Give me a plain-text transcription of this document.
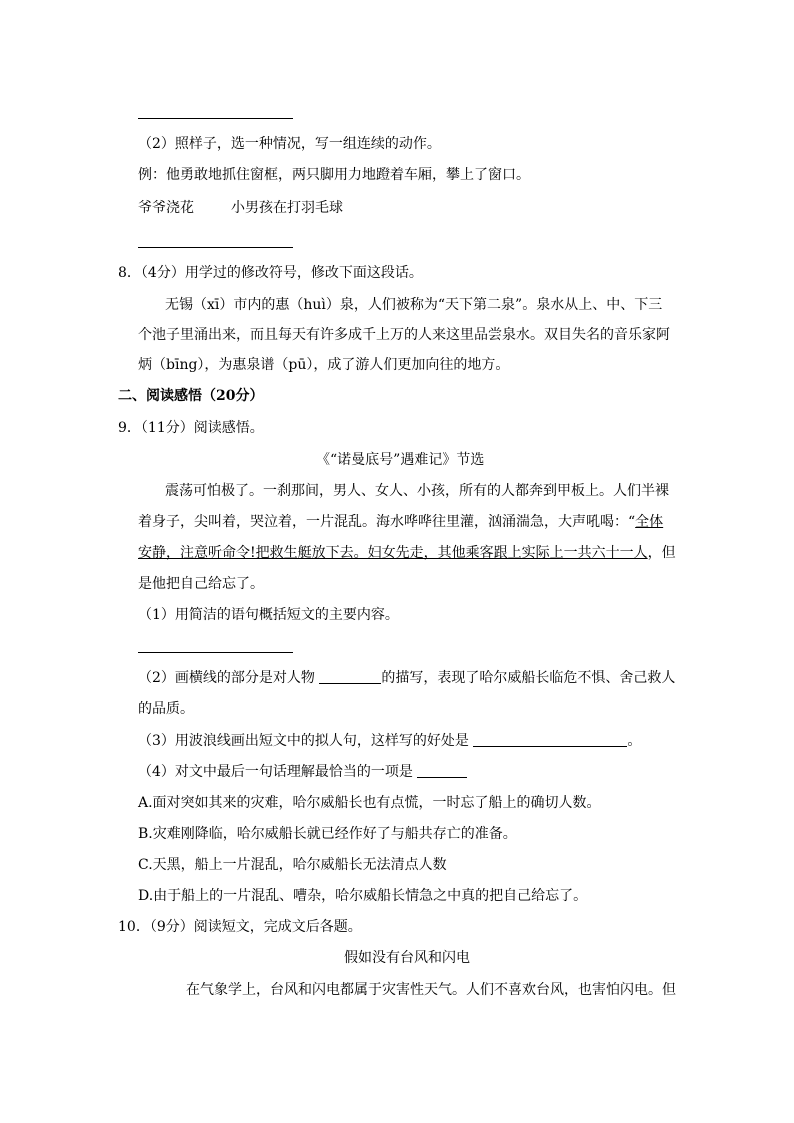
（2）照样子，选一种情况，写一组连续的动作。
例：他勇敢地抓住窗框，两只脚用力地蹬着车厢，攀上了窗口。
爷爷浇花	小男孩在打羽毛球
8．（4分）用学过的修改符号，修改下面这段话。
无锡（xī）市内的惠（huì）泉，人们被称为“天下第二泉”。泉水从上、中、下三
个池子里涌出来，而且每天有许多成千上万的人来这里品尝泉水。双目失名的音乐家阿
炳（bīng），为惠泉谱（pū），成了游人们更加向往的地方。
二、阅读感悟（20分）
9．（11分）阅读感悟。
《“诺曼底号”遇难记》节选
震荡可怕极了。一刹那间，男人、女人、小孩，所有的人都奔到甲板上。人们半裸
着身子，尖叫着，哭泣着，一片混乱。海水哗哗往里灌，汹涌湍急，大声吼喝：“全体
安静，注意听命令!把救生艇放下去。妇女先走，其他乘客跟上实际上一共六十一人，但
是他把自己给忘了。
（1）用简洁的语句概括短文的主要内容。
（2）画横线的部分是对人物	的描写，表现了哈尔威船长临危不惧、舍己救人
的品质。
（3）用波浪线画出短文中的拟人句，这样写的好处是	。
（4）对文中最后一句话理解最恰当的一项是
A.面对突如其来的灾难，哈尔威船长也有点慌，一时忘了船上的确切人数。
B.灾难刚降临，哈尔威船长就已经作好了与船共存亡的准备。
C.天黑，船上一片混乱，哈尔威船长无法清点人数
D.由于船上的一片混乱、嘈杂，哈尔威船长情急之中真的把自己给忘了。
10．（9分）阅读短文，完成文后各题。
假如没有台风和闪电
在气象学上，台风和闪电都属于灾害性天气。人们不喜欢台风，也害怕闪电。但
